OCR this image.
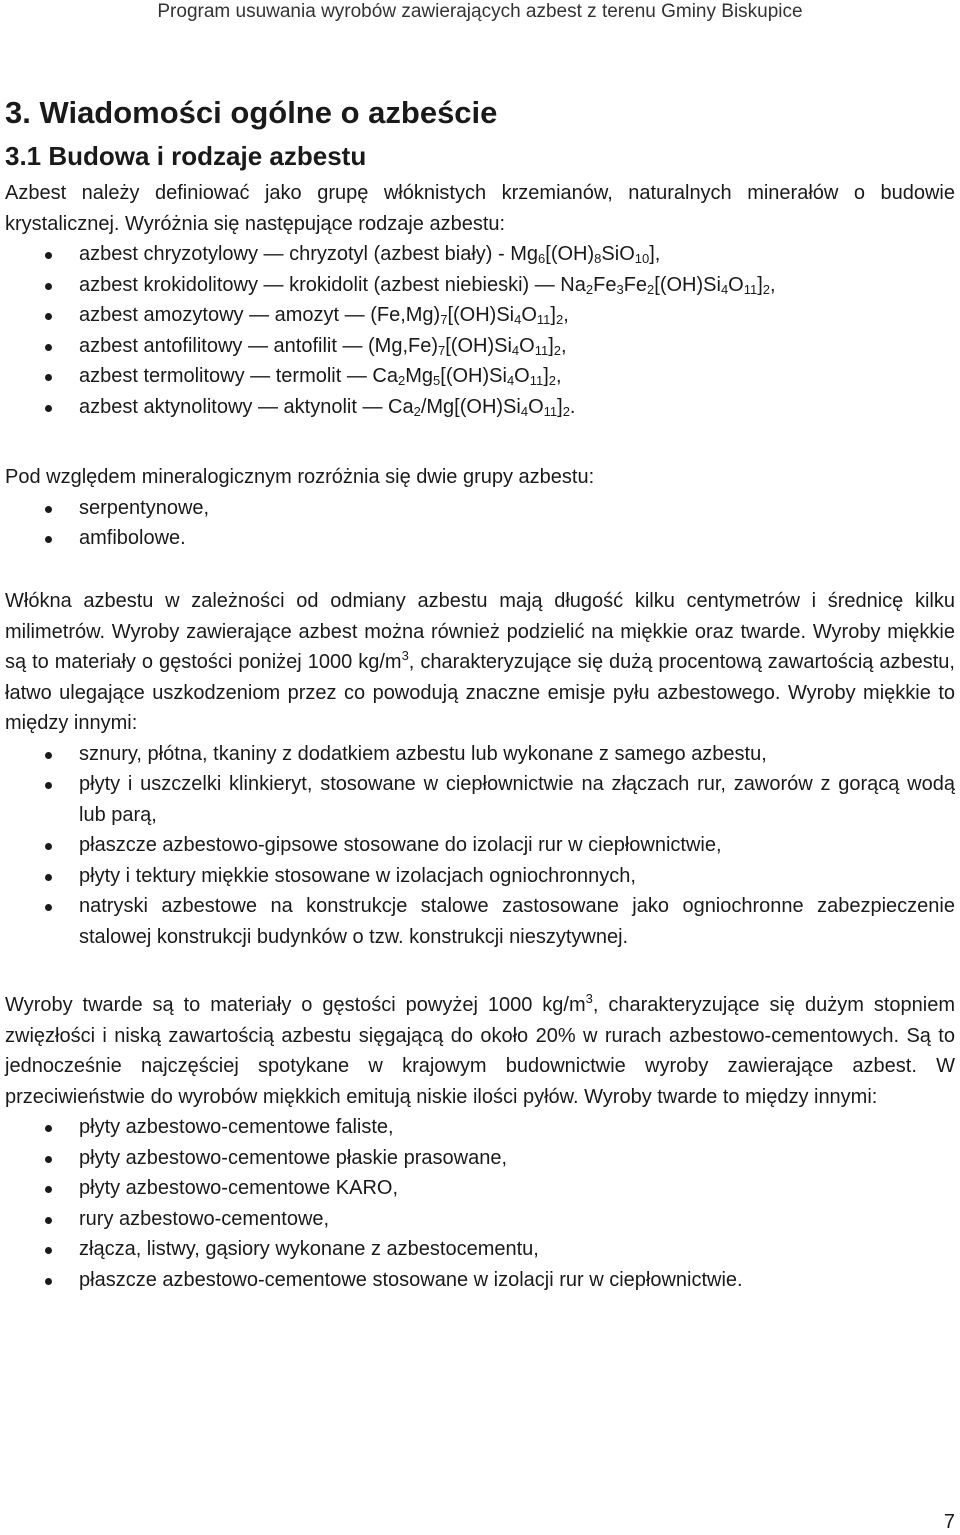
Program usuwania wyrobów zawierających azbest z terenu Gminy Biskupice
3. Wiadomości ogólne o azbeście
3.1 Budowa i rodzaje azbestu

Azbest należy definiować jako grupę włóknistych krzemianów, naturalnych minerałów o budowie krystalicznej. Wyróżnia się następujące rodzaje azbestu:

azbest chryzotylowy — chryzotyl (azbest biały) - $Mg_6[(OH)_8SiO_{10}]$,
azbest krokidolitowy — krokidolit (azbest niebieski) — $Na_2Fe_3Fe_2[(OH)Si_4O_{11}]_2$,
azbest amozytowy — amozyt — $(Fe,Mg)_7[(OH)Si_4O_{11}]_2$,
azbest antofilitowy — antofilit — $(Mg,Fe)_7[(OH)Si_4O_{11}]_2$,
azbest termolitowy — termolit — $Ca_2Mg_5[(OH)Si_4O_{11}]_2$,
azbest aktynolitowy — aktynolit — $Ca_2/Mg[(OH)Si_4O_{11}]_2$.

Pod względem mineralogicznym rozróżnia się dwie grupy azbestu:

serpentynowe,
amfibolowe.

Włókna azbestu w zależności od odmiany azbestu mają długość kilku centymetrów i średnicę kilku milimetrów. Wyroby zawierające azbest można również podzielić na miękkie oraz twarde. Wyroby miękkie są to materiały o gęstości poniżej 1000 $kg/m^3$, charakteryzujące się dużą procentową zawartością azbestu, łatwo ulegające uszkodzeniom przez co powodują znaczne emisje pyłu azbestowego. Wyroby miękkie to między innymi:

sznury, płótna, tkaniny z dodatkiem azbestu lub wykonane z samego azbestu,
płyty i uszczelki klinkieryt, stosowane w ciepłownictwie na złączach rur, zaworów z gorącą wodą lub parą,
płaszcze azbestowo-gipsowe stosowane do izolacji rur w ciepłownictwie,
płyty i tektury miękkie stosowane w izolacjach ogniochronnych,
natryski azbestowe na konstrukcje stalowe zastosowane jako ogniochronne zabezpieczenie stalowej konstrukcji budynków o tzw. konstrukcji nieszytywnej.

Wyroby twarde są to materiały o gęstości powyżej 1000 $kg/m^3$, charakteryzujące się dużym stopniem zwięzłości i niską zawartością azbestu sięgającą do około 20% w rurach azbestowo-cementowych. Są to jednocześnie najczęściej spotykane w krajowym budownictwie wyroby zawierające azbest. W przeciwieństwie do wyrobów miękkich emitują niskie ilości pyłów. Wyroby twarde to między innymi:

płyty azbestowo-cementowe faliste,
płyty azbestowo-cementowe płaskie prasowane,
płyty azbestowo-cementowe KARO,
rury azbestowo-cementowe,
złącza, listwy, gąsiory wykonane z azbestocementu,
płaszcze azbestowo-cementowe stosowane w izolacji rur w ciepłownictwie.
7
